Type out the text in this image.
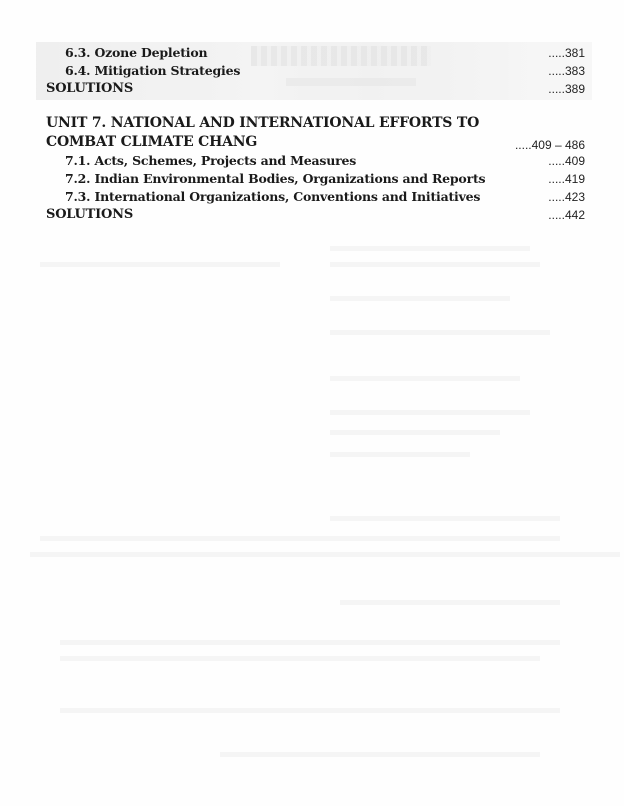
6.3. Ozone Depletion	.....381
6.4. Mitigation Strategies	.....383
SOLUTIONS	.....389
UNIT 7. NATIONAL AND INTERNATIONAL EFFORTS TO
COMBAT CLIMATE CHANG	.....409 – 486
7.1. Acts, Schemes, Projects and Measures	.....409
7.2. Indian Environmental Bodies, Organizations and Reports	.....419
7.3. International Organizations, Conventions and Initiatives	.....423
SOLUTIONS	.....442
